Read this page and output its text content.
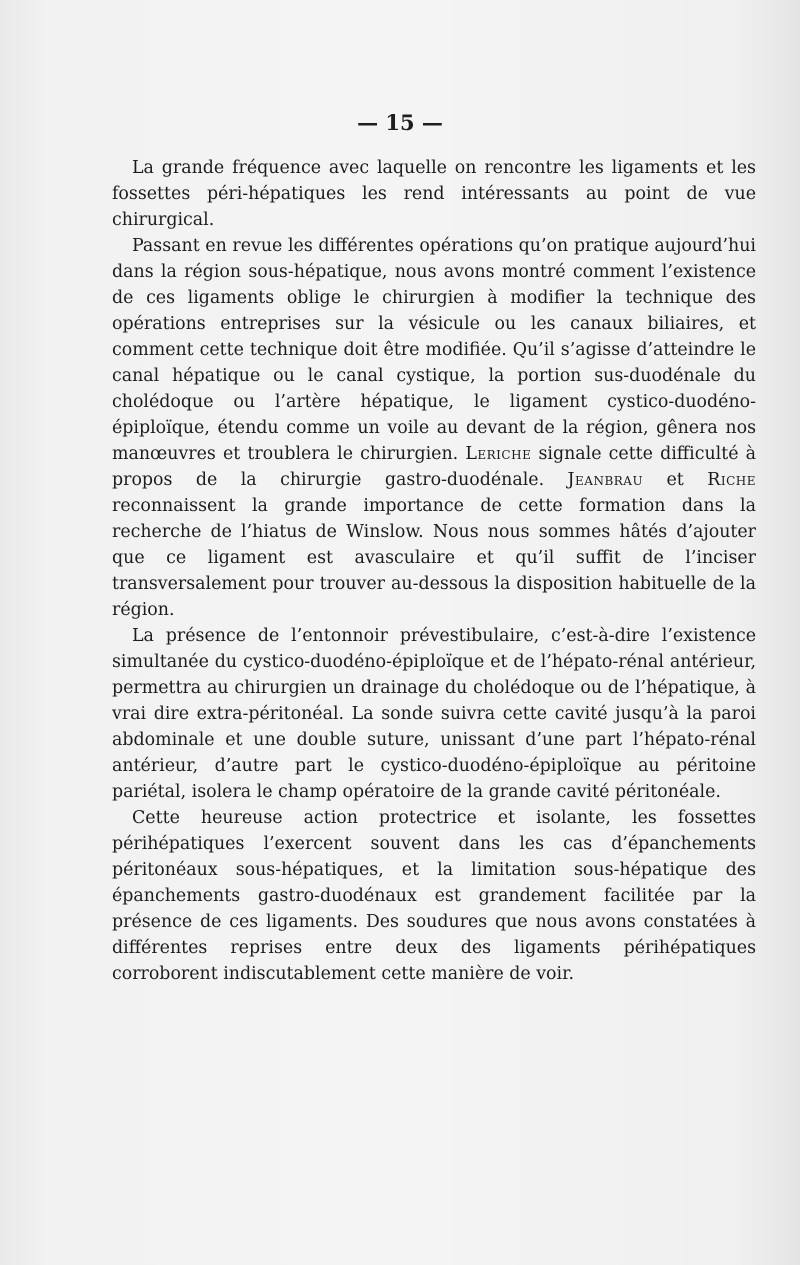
— 15 —

La grande fréquence avec laquelle on rencontre les ligaments et les fossettes péri-hépatiques les rend intéressants au point de vue chirurgical.

Passant en revue les différentes opérations qu’on pratique aujourd’hui dans la région sous-hépatique, nous avons montré comment l’existence de ces ligaments oblige le chirurgien à modifier la technique des opérations entreprises sur la vésicule ou les canaux biliaires, et comment cette technique doit être modifiée. Qu’il s’agisse d’atteindre le canal hépatique ou le canal cystique, la portion sus-duodénale du cholédoque ou l’artère hépatique, le ligament cystico-duodéno-épiploïque, étendu comme un voile au devant de la région, gênera nos manœuvres et troublera le chirurgien. Leriche signale cette difficulté à propos de la chirurgie gastro-duodénale. Jeanbrau et Riche reconnaissent la grande importance de cette formation dans la recherche de l’hiatus de Winslow. Nous nous sommes hâtés d’ajouter que ce ligament est avasculaire et qu’il suffit de l’inciser transversalement pour trouver au-dessous la disposition habituelle de la région.

La présence de l’entonnoir prévestibulaire, c’est-à-dire l’existence simultanée du cystico-duodéno-épiploïque et de l’hépato-rénal antérieur, permettra au chirurgien un drainage du cholédoque ou de l’hépatique, à vrai dire extra-péritonéal. La sonde suivra cette cavité jusqu’à la paroi abdominale et une double suture, unissant d’une part l’hépato-rénal antérieur, d’autre part le cystico-duodéno-épiploïque au péritoine pariétal, isolera le champ opératoire de la grande cavité péritonéale.

Cette heureuse action protectrice et isolante, les fossettes périhépatiques l’exercent souvent dans les cas d’épanchements péritonéaux sous-hépatiques, et la limitation sous-hépatique des épanchements gastro-duodénaux est grandement facilitée par la présence de ces ligaments. Des soudures que nous avons constatées à différentes reprises entre deux des ligaments périhépatiques corroborent indiscutablement cette manière de voir.
